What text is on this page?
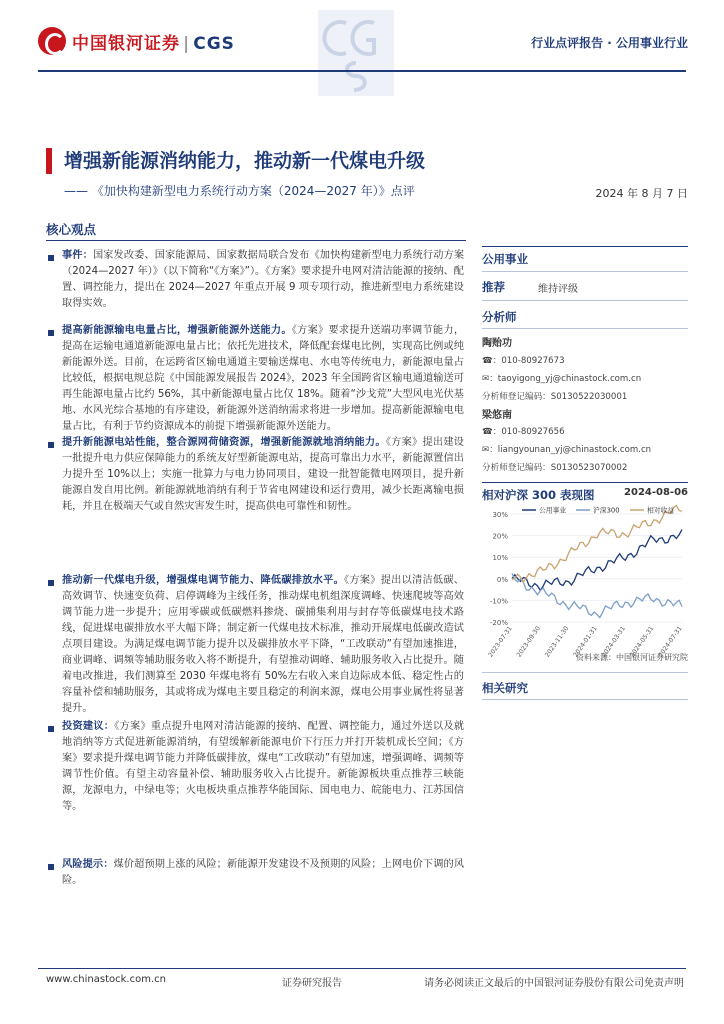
中国银河证券 | CGS	行业点评报告 · 公用事业行业
增强新能源消纳能力，推动新一代煤电升级
—— 《加快构建新型电力系统行动方案（2024—2027 年）》点评	2024 年 8 月 7 日
核心观点
事件：国家发改委、国家能源局、国家数据局联合发布《加快构建新型电力系统行动方案（2024—2027 年）》（以下简称“《方案》”）。《方案》要求提升电网对清洁能源的接纳、配置、调控能力，提出在 2024—2027 年重点开展 9 项专项行动，推进新型电力系统建设取得实效。
提高新能源输电电量占比，增强新能源外送能力。《方案》要求提升送端功率调节能力，提高在运输电通道新能源电量占比；依托先进技术，降低配套煤电比例，实现高比例或纯新能源外送。目前，在运跨省区输电通道主要输送煤电、水电等传统电力，新能源电量占比较低，根据电规总院《中国能源发展报告 2024》，2023 年全国跨省区输电通道输送可再生能源电量占比约 56%，其中新能源电量占比仅 18%。随着“沙戈荒”大型风电光伏基地、水风光综合基地的有序建设，新能源外送消纳需求将进一步增加。提高新能源输电电量占比，有利于节约资源成本的前提下增强新能源外送能力。
提升新能源电站性能，整合源网荷储资源，增强新能源就地消纳能力。《方案》提出建设一批提升电力供应保障能力的系统友好型新能源电站，提高可靠出力水平，新能源置信出力提升至 10%以上；实施一批算力与电力协同项目，建设一批智能微电网项目，提升新能源自发自用比例。新能源就地消纳有利于节省电网建设和运行费用，减少长距离输电损耗，并且在极端天气或自然灾害发生时，提高供电可靠性和韧性。
推动新一代煤电升级，增强煤电调节能力、降低碳排放水平。《方案》提出以清洁低碳、高效调节、快速变负荷、启停调峰为主线任务，推动煤电机组深度调峰、快速爬坡等高效调节能力进一步提升；应用零碳或低碳燃料掺烧、碳捕集利用与封存等低碳煤电技术路线，促进煤电碳排放水平大幅下降；制定新一代煤电技术标准，推动开展煤电低碳改造试点项目建设。为满足煤电调节能力提升以及碳排放水平下降，“工改联动”有望加速推进，商业调峰、调频等辅助服务收入将不断提升，有望推动调峰、辅助服务收入占比提升。随着电改推进，我们测算至 2030 年煤电将有 50%左右收入来自边际成本低、稳定性占的容量补偿和辅助服务，其或将成为煤电主要且稳定的利润来源，煤电公用事业属性将显著提升。
投资建议：《方案》重点提升电网对清洁能源的接纳、配置、调控能力，通过外送以及就地消纳等方式促进新能源消纳，有望缓解新能源电价下行压力并打开装机成长空间；《方案》要求提升煤电调节能力并降低碳排放，煤电“工改联动”有望加速，增强调峰、调频等调节性价值。有望主动容量补偿、辅助服务收入占比提升。新能源板块重点推荐三峡能源，龙源电力，中绿电等；火电板块重点推荐华能国际、国电电力、皖能电力、江苏国信等。
风险提示：煤价超预期上涨的风险；新能源开发建设不及预期的风险；上网电价下调的风险。
公用事业
推荐	维持评级
分析师
陶贻功
☎：010-80927673
✉：taoyigong_yj@chinastock.com.cn
分析师登记编码：S0130522030001
梁悠南
☎：010-80927656
✉：liangyounan_yj@chinastock.com.cn
分析师登记编码：S0130523070002
相对沪深 300 表现图	2024-08-06
30%
20%
10%
0%
-10%
-20%
2023-07-31 2023-09-30 2023-11-30 2024-01-31 2024-03-31 2024-05-31 2024-07-31
公用事业	沪深300	相对收益
资料来源：中国银河证券研究院
相关研究
www.chinastock.com.cn	证券研究报告	请务必阅读正文最后的中国银河证券股份有限公司免责声明
